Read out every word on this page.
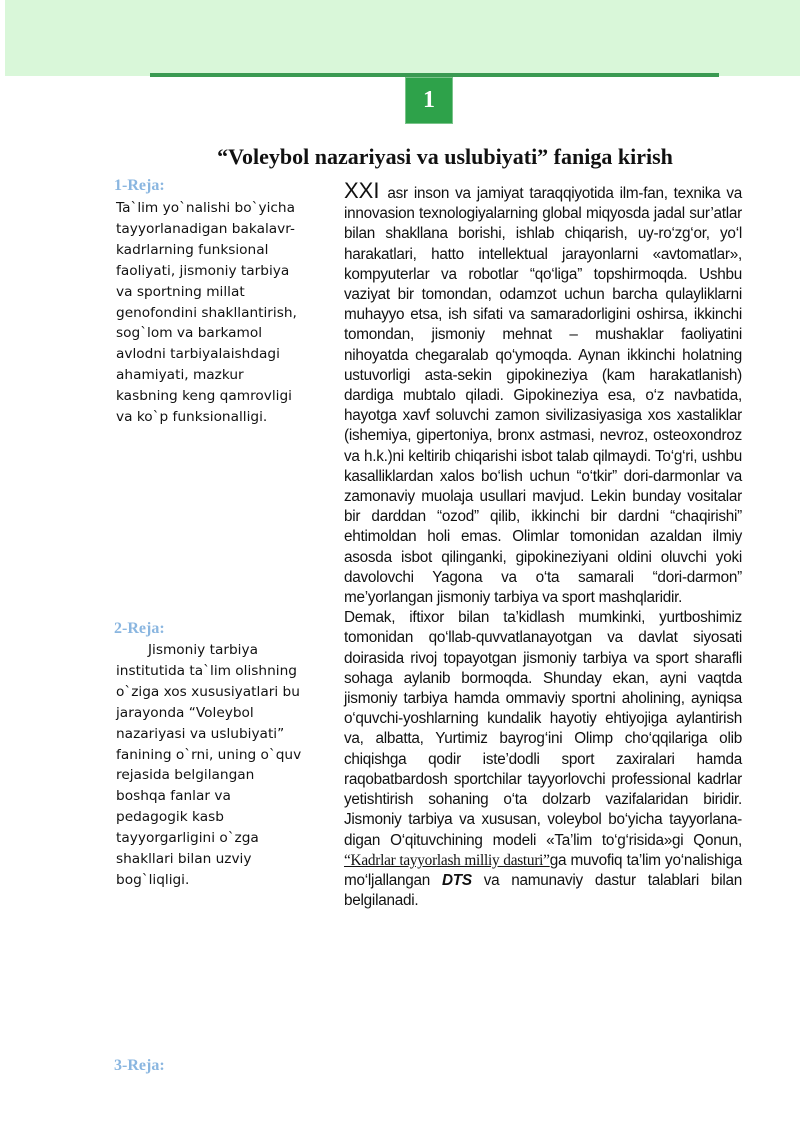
1
“Voleybol nazariyasi va uslubiyati” faniga kirish
1-Reja:

Ta`lim yo`nalishi bo`yicha tayyorlanadigan bakalavr-kadrlarning funksional faoliyati, jismoniy tarbiya va sportning millat genofondini shakllantirish, sog`lom va barkamol avlodni tarbiyalaishdagi ahamiyati, mazkur kasbning keng qamrovligi va ko`p funksionalligi.

2-Reja:

Jismoniy tarbiya institutida ta`lim olishning o`ziga xos xususiyatlari bu jarayonda “Voleybol nazariyasi va uslubiyati” fanining o`rni, uning o`quv rejasida belgilangan boshqa fanlar va pedagogik kasb tayyorgarligini o`zga shakllari bilan uzviy bog`liqligi.

3-Reja:

XXI asr inson va jamiyat taraqqiyotida ilm-fan, texnika va innovasion texnologiyalarning global miqyosda jadal sur’atlar bilan shakllana borishi, ishlab chiqarish, uy-ro‘zg‘or, yo‘l harakatlari, hatto intellektual jarayonlarni «avtomatlar», kompyuterlar va robotlar “qo‘liga” topshirmoqda. Ushbu vaziyat bir tomondan, odamzot uchun barcha qulayliklarni muhayyo etsa, ish sifati va samaradorligini oshirsa, ikkinchi tomondan, jismoniy mehnat – mushaklar faoliyatini nihoyatda chegaralab qo‘ymoqda. Aynan ikkinchi holatning ustuvorligi asta-sekin gipokineziya (kam harakatlanish) dardiga mubtalo qiladi. Gipokineziya esa, o‘z navbatida, hayotga xavf soluvchi zamon sivilizasiyasiga xos xastaliklar (ishemiya, gipertoniya, bronx astmasi, nevroz, osteoxondroz va h.k.)ni keltirib chiqarishi isbot talab qilmaydi. To‘g‘ri, ushbu kasalliklardan xalos bo‘lish uchun “o‘tkir” dori-darmonlar va zamonaviy muolaja usullari mavjud. Lekin bunday vositalar bir darddan “ozod” qilib, ikkinchi bir dardni “chaqirishi” ehtimoldan holi emas. Olimlar tomonidan azaldan ilmiy asosda isbot qilinganki, gipokineziyani oldini oluvchi yoki davolovchi Yagona va o‘ta samarali “dori-darmon” me’yorlangan jismoniy tarbiya va sport mashqlaridir.

Demak, iftixor bilan ta’kidlash mumkinki, yurtboshimiz tomonidan qo‘llab-quvvatlanayotgan va davlat siyosati doirasida rivoj topayotgan jismoniy tarbiya va sport sharafli sohaga aylanib bormoqda. Shunday ekan, ayni vaqtda jismoniy tarbiya hamda ommaviy sportni aholining, ayniqsa o‘quvchi-yoshlarning kundalik hayotiy ehtiyojiga aylantirish va, albatta, Yurtimiz bayrog‘ini Olimp cho‘qqilariga olib chiqishga qodir iste’dodli sport zaxiralari hamda raqobatbardosh sportchilar tayyorlovchi professional kadrlar yetishtirish sohaning o‘ta dolzarb vazifalaridan biridir. Jismoniy tarbiya va xususan, voleybol bo‘yicha tayyorlana-digan O‘qituvchining modeli «Ta’lim to‘g‘risida»gi Qonun, “Kadrlar tayyorlash milliy dasturi”ga muvofiq ta’lim yo‘nalishiga mo‘ljallangan DTS va namunaviy dastur talablari bilan belgilanadi.
